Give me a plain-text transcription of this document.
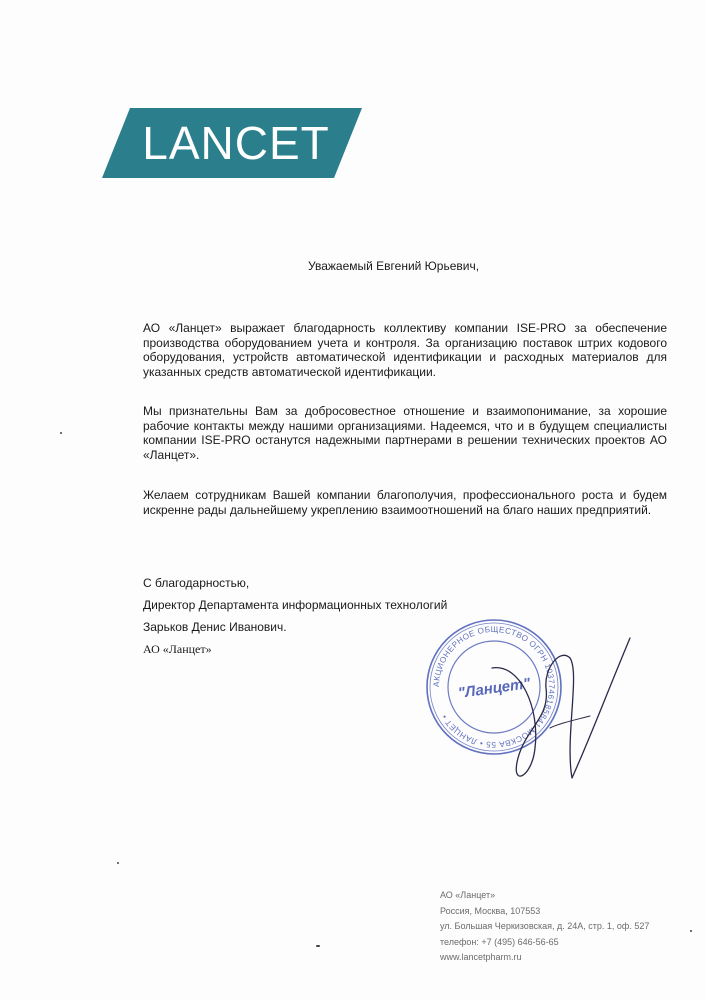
LANCET
Уважаемый Евгений Юрьевич,
АО «Ланцет» выражает благодарность коллективу компании ISE-PRO за обеспечение производства оборудованием учета и контроля. За организацию поставок штрих кодового оборудования, устройств автоматической идентификации и расходных материалов для указанных средств автоматической идентификации.
Мы признательны Вам за добросовестное отношение и взаимопонимание, за хорошие рабочие контакты между нашими организациями. Надеемся, что и в будущем специалисты компании ISE-PRO останутся надежными партнерами в решении технических проектов АО «Ланцет».
Желаем сотрудникам Вашей компании благополучия, профессионального роста и будем искренне рады дальнейшему укреплению взаимоотношений на благо наших предприятий.
С благодарностью,
Директор Департамента информационных технологий
Зарьков Денис Иванович.
АО «Ланцет»
АКЦИОНЕРНОЕ ОБЩЕСТВО ОГРН 1037746185841 МОСКВА 55 • ЛАНЦЕТ •
"Ланцет"
АО «Ланцет»
Россия, Москва, 107553
ул. Большая Черкизовская, д. 24А, стр. 1, оф. 527
телефон: +7 (495) 646-56-65
www.lancetpharm.ru
